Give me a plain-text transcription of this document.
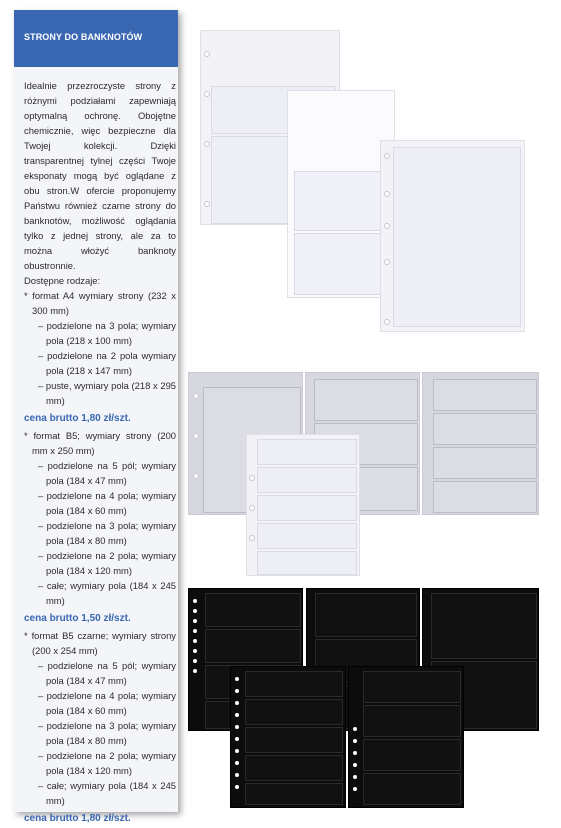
STRONY DO BANKNOTÓW

Idealnie przezroczyste strony z różnymi podziałami zapewniają optymalną ochronę. Obojętne chemicznie, więc bezpieczne dla Twojej kolekcji. Dzięki transparentnej tylnej części Twoje eksponaty mogą być oglądane z obu stron.W ofercie proponujemy Państwu również czarne strony do banknotów, możliwość oglądania tylko z jednej strony, ale za to można włożyć banknoty obustronnie.

Dostępne rodzaje:

* format A4 wymiary strony (232 x 300 mm)

– podzielone na 3 pola; wymiary pola (218 x 100 mm)

– podzielone na 2 pola wymiary pola (218 x 147 mm)

– puste, wymiary pola (218 x 295 mm)

cena brutto 1,80 zł/szt.

* format B5; wymiary strony (200 mm x 250 mm)

– podzielone na 5 pól; wymiary pola (184 x 47 mm)

– podzielone na 4 pola; wymiary pola (184 x 60 mm)

– podzielone na 3 pola; wymiary pola (184 x 80 mm)

– podzielone na 2 pola; wymiary pola (184 x 120 mm)

– całe; wymiary pola (184 x 245 mm)

cena brutto 1,50 zł/szt.

* format B5 czarne; wymiary strony (200 x 254 mm)

– podzielone na 5 pól; wymiary pola (184 x 47 mm)

– podzielone na 4 pola; wymiary pola (184 x 60 mm)

– podzielone na 3 pola; wymiary pola (184 x 80 mm)

– podzielone na 2 pola; wymiary pola (184 x 120 mm)

– całe; wymiary pola (184 x 245 mm)

cena brutto 1,80 zł/szt.
